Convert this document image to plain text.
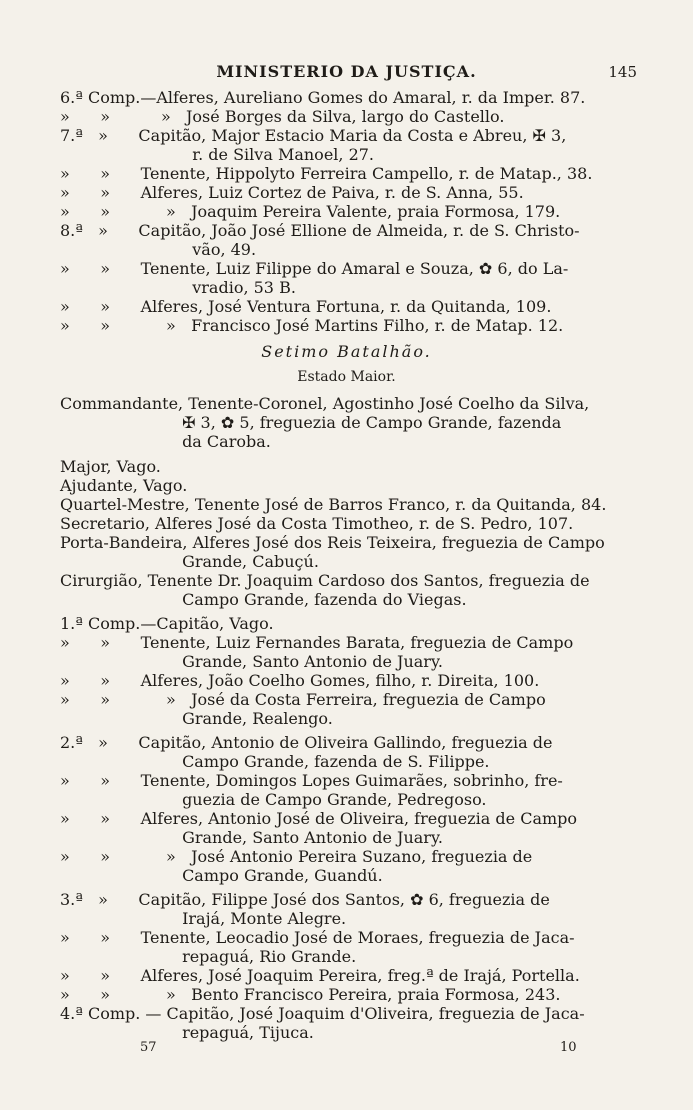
MINISTERIO DA JUSTIÇA.	145
6.ª Comp.—Alferes, Aureliano Gomes do Amaral, r. da Imper. 87.
»      »          »   José Borges da Silva, largo do Castello.
7.ª   »      Capitão, Major Estacio Maria da Costa e Abreu, ✠ 3,
r. de Silva Manoel, 27.
»      »      Tenente, Hippolyto Ferreira Campello, r. de Matap., 38.
»      »      Alferes, Luiz Cortez de Paiva, r. de S. Anna, 55.
»      »           »   Joaquim Pereira Valente, praia Formosa, 179.
8.ª   »      Capitão, João José Ellione de Almeida, r. de S. Christo-
vão, 49.
»      »      Tenente, Luiz Filippe do Amaral e Souza, ✿ 6, do La-
vradio, 53 B.
»      »      Alferes, José Ventura Fortuna, r. da Quitanda, 109.
»      »           »   Francisco José Martins Filho, r. de Matap. 12.
Setimo Batalhão.
Estado Maior.
Commandante, Tenente-Coronel, Agostinho José Coelho da Silva,
✠ 3, ✿ 5, freguezia de Campo Grande, fazenda
da Caroba.
Major, Vago.
Ajudante, Vago.
Quartel-Mestre, Tenente José de Barros Franco, r. da Quitanda, 84.
Secretario, Alferes José da Costa Timotheo, r. de S. Pedro, 107.
Porta-Bandeira, Alferes José dos Reis Teixeira, freguezia de Campo
Grande, Cabuçú.
Cirurgião, Tenente Dr. Joaquim Cardoso dos Santos, freguezia de
Campo Grande, fazenda do Viegas.
1.ª Comp.—Capitão, Vago.
»      »      Tenente, Luiz Fernandes Barata, freguezia de Campo
Grande, Santo Antonio de Juary.
»      »      Alferes, João Coelho Gomes, filho, r. Direita, 100.
»      »           »   José da Costa Ferreira, freguezia de Campo
Grande, Realengo.
2.ª   »      Capitão, Antonio de Oliveira Gallindo, freguezia de
Campo Grande, fazenda de S. Filippe.
»      »      Tenente, Domingos Lopes Guimarães, sobrinho, fre-
guezia de Campo Grande, Pedregoso.
»      »      Alferes, Antonio José de Oliveira, freguezia de Campo
Grande, Santo Antonio de Juary.
»      »           »   José Antonio Pereira Suzano, freguezia de
Campo Grande, Guandú.
3.ª   »      Capitão, Filippe José dos Santos, ✿ 6, freguezia de
Irajá, Monte Alegre.
»      »      Tenente, Leocadio José de Moraes, freguezia de Jaca-
repaguá, Rio Grande.
»      »      Alferes, José Joaquim Pereira, freg.ª de Irajá, Portella.
»      »           »   Bento Francisco Pereira, praia Formosa, 243.
4.ª Comp. — Capitão, José Joaquim d'Oliveira, freguezia de Jaca-
repaguá, Tijuca.
57	10
